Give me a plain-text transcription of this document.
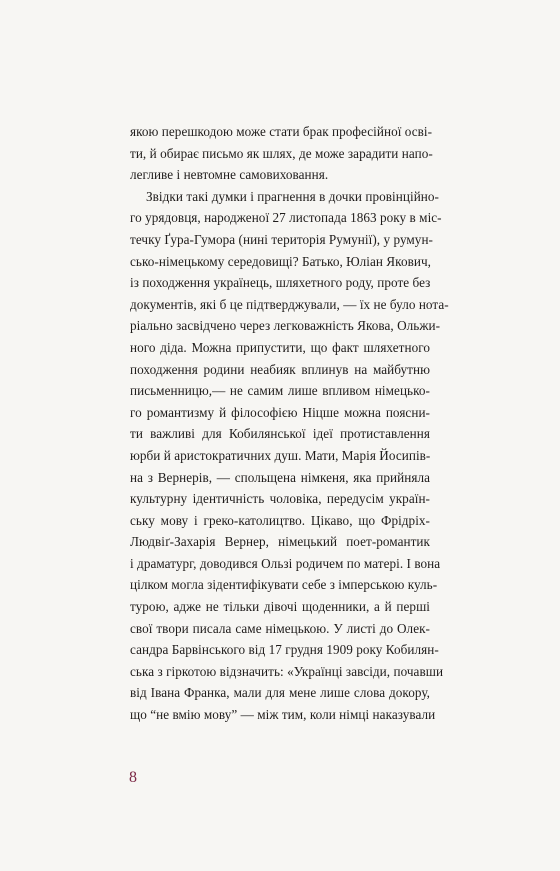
якою перешкодою може стати брак професійної осві-
ти, й обирає письмо як шлях, де може зарадити напо-
легливе і невтомне самовиховання.
Звідки такі думки і прагнення в дочки провінційно-
го урядовця, народженої 27 листопада 1863 року в міс-
течку Ґура-Гумора (нині територія Румунії), у румун-
сько-німецькому середовищі? Батько, Юліан Якович,
із походження українець, шляхетного роду, проте без
документів, які б це підтверджували, — їх не було нота-
ріально засвідчено через легковажність Якова, Ольжи-
ного діда. Можна припустити, що факт шляхетного
походження родини неабияк вплинув на майбутню
письменницю,— не самим лише впливом німецько-
го романтизму й філософією Ніцше можна поясни-
ти важливі для Кобилянської ідеї протиставлення
юрби й аристократичних душ. Мати, Марія Йосипів-
на з Вернерів, — спольщена німкеня, яка прийняла
культурну ідентичність чоловіка, передусім україн-
ську мову і греко-католицтво. Цікаво, що Фрідріх-
Людвіґ-Захарія Вернер, німецький поет-романтик
і драматург, доводився Ользі родичем по матері. І вона
цілком могла зідентифікувати себе з імперською куль-
турою, адже не тільки дівочі щоденники, а й перші
свої твори писала саме німецькою. У листі до Олек-
сандра Барвінського від 17 грудня 1909 року Кобилян-
ська з гіркотою відзначить: «Українці завсіди, почавши
від Івана Франка, мали для мене лише слова докору,
що “не вмію мову” — між тим, коли німці наказували
8
